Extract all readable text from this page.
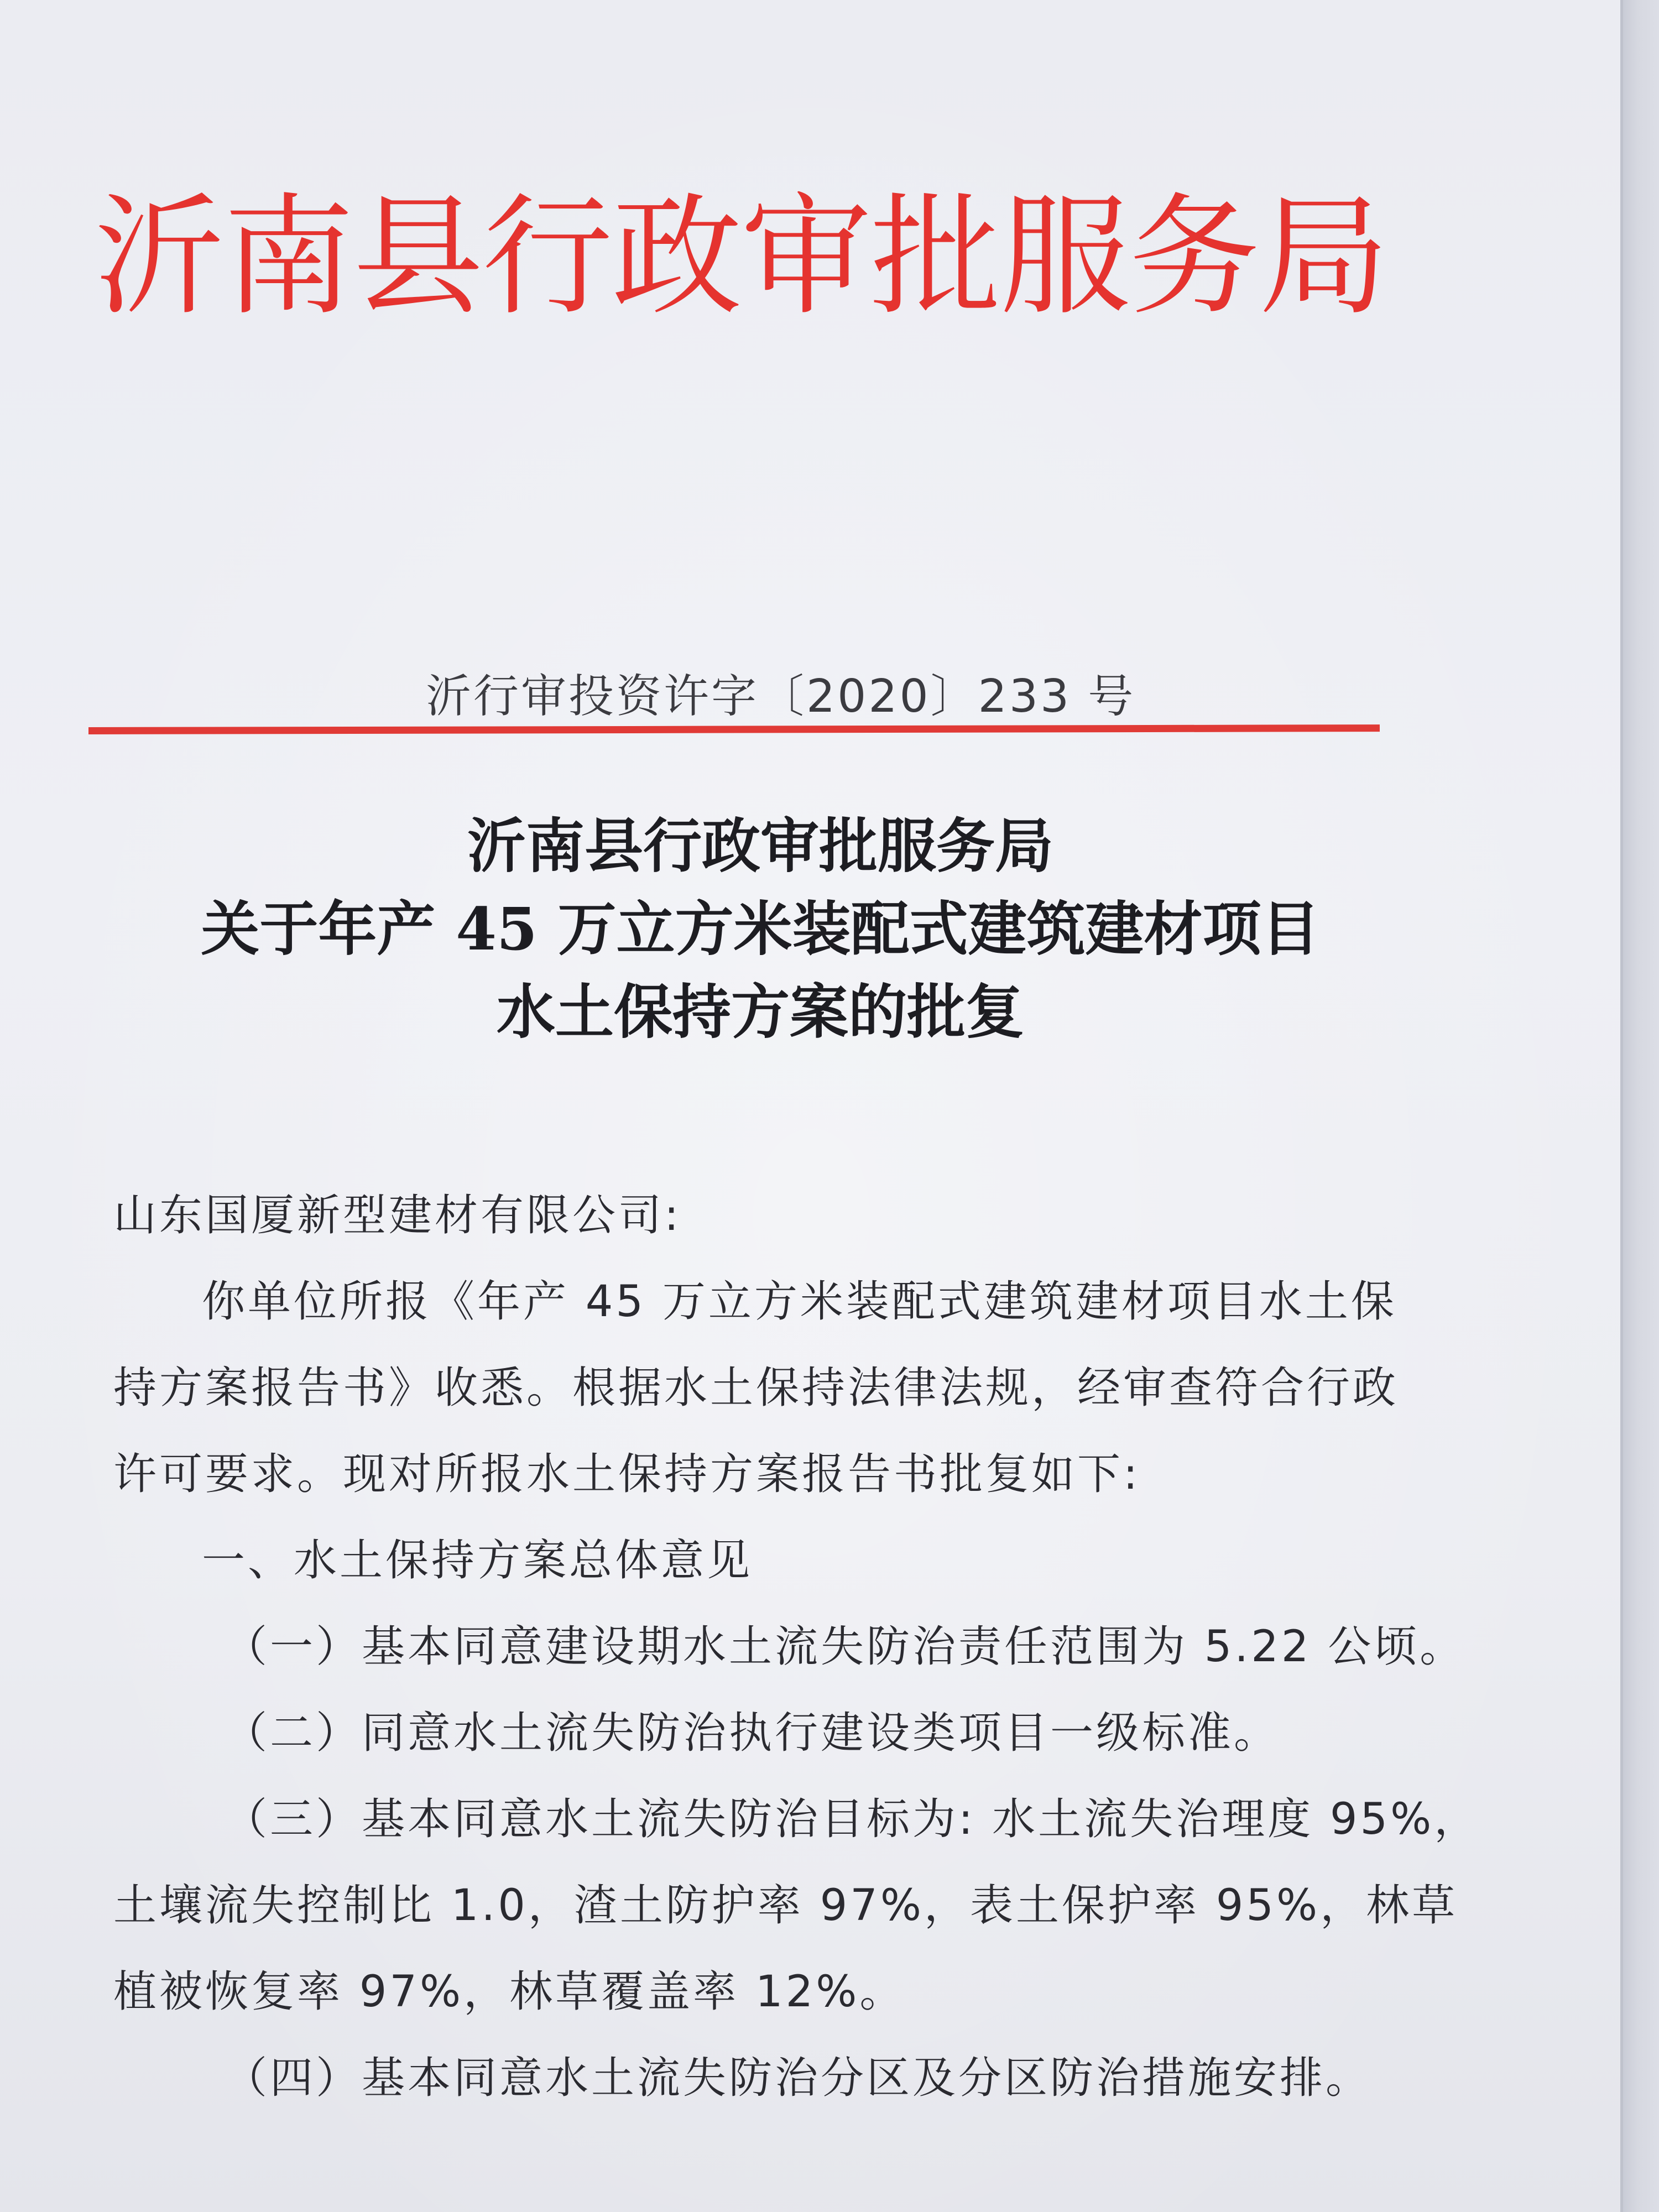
沂南县行政审批服务局
沂行审投资许字〔2020〕233 号
沂南县行政审批服务局
关于年产 45 万立方米装配式建筑建材项目
水土保持方案的批复
山东国厦新型建材有限公司:
你单位所报《年产 45 万立方米装配式建筑建材项目水土保
持方案报告书》收悉。根据水土保持法律法规，经审查符合行政
许可要求。现对所报水土保持方案报告书批复如下:
一、水土保持方案总体意见
（一）基本同意建设期水土流失防治责任范围为 5.22 公顷。
（二）同意水土流失防治执行建设类项目一级标准。
（三）基本同意水土流失防治目标为: 水土流失治理度 95%，
土壤流失控制比 1.0，渣土防护率 97%，表土保护率 95%，林草
植被恢复率 97%，林草覆盖率 12%。
（四）基本同意水土流失防治分区及分区防治措施安排。
